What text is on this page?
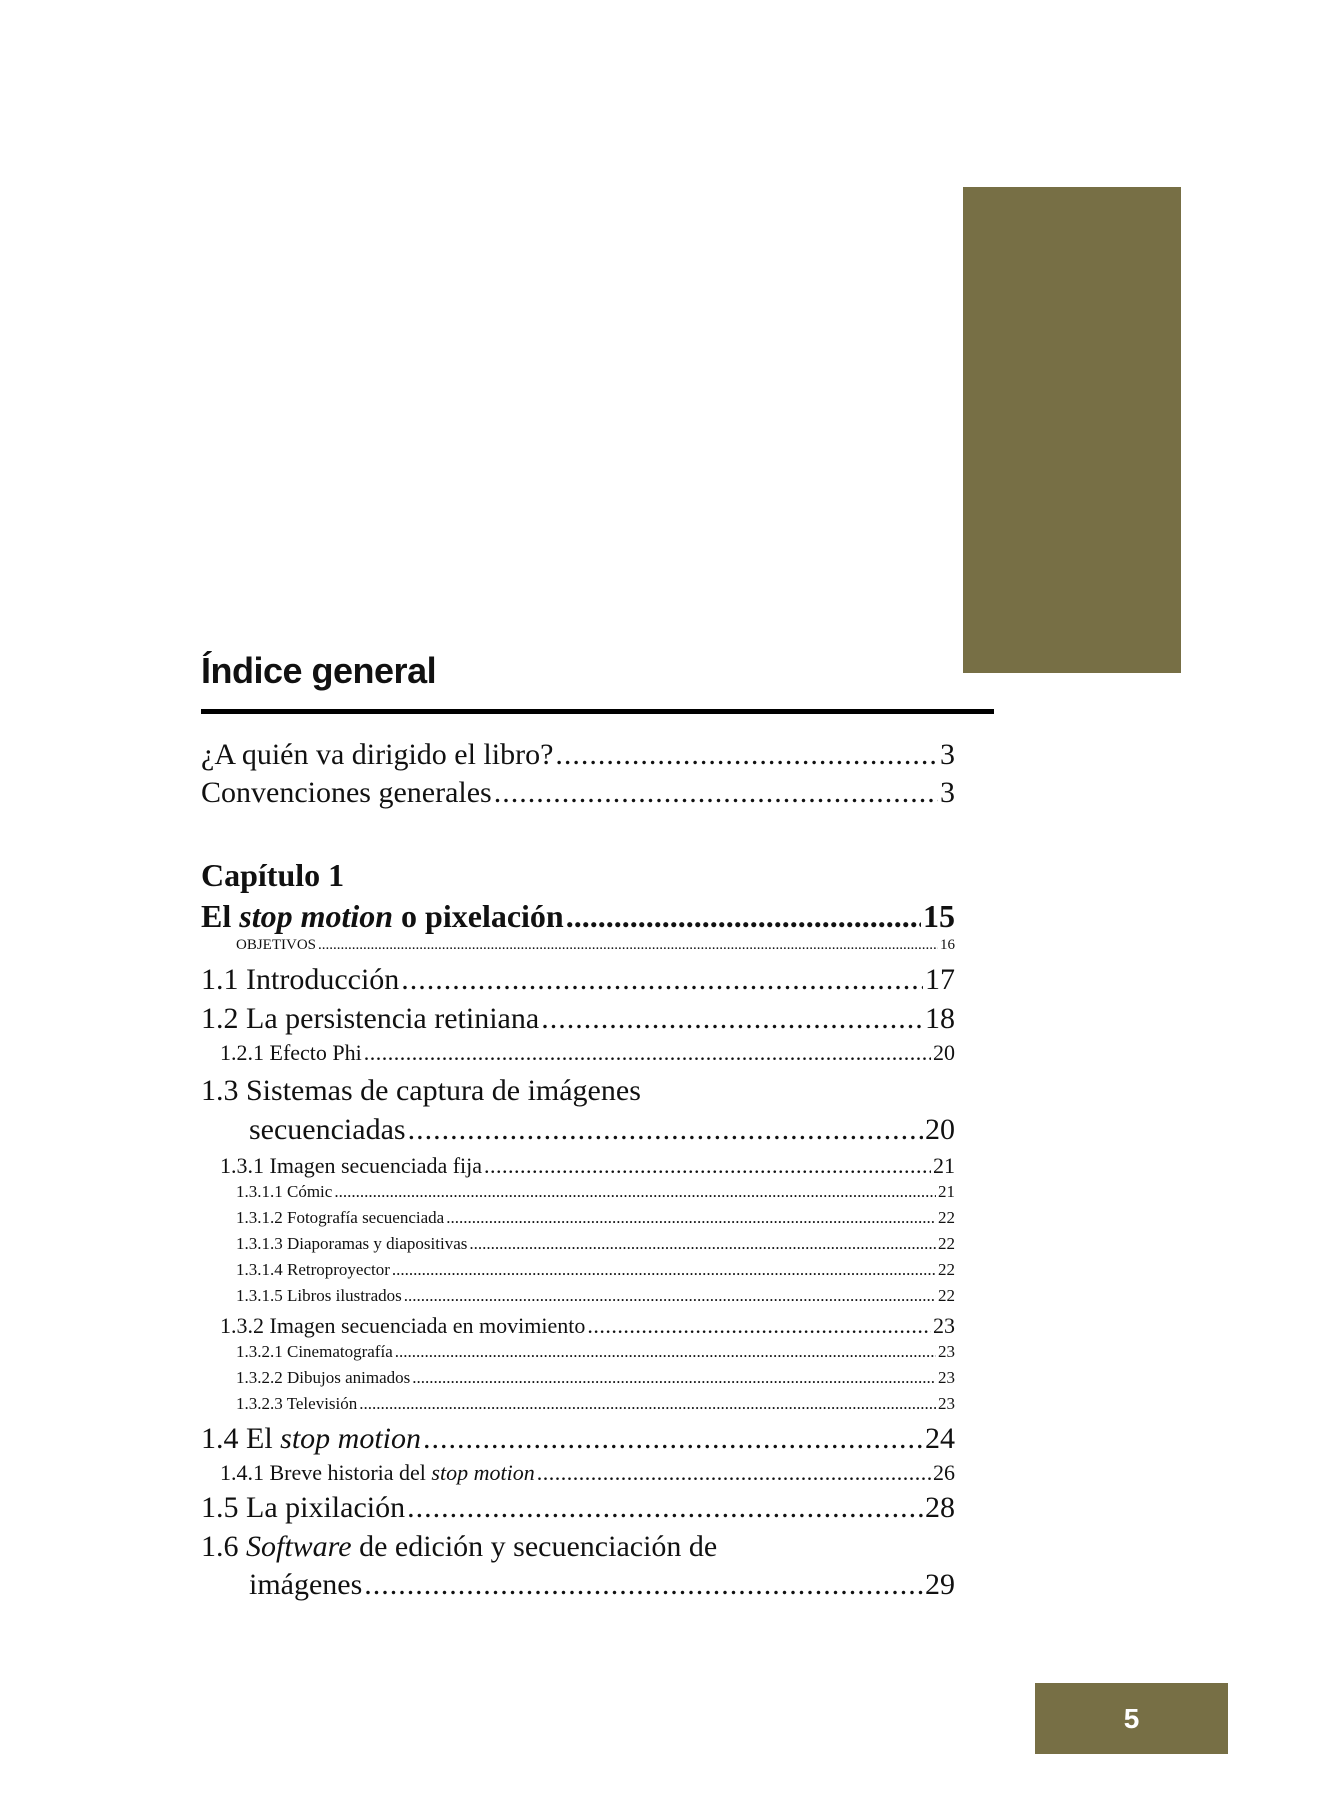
Índice general
¿A quién va dirigido el libro? .....	3
Convenciones generales .....	3
Capítulo 1
El stop motion o pixelación .....	15
OBJETIVOS .....	16
1.1 Introducción .....	17
1.2 La persistencia retiniana .....	18
1.2.1 Efecto Phi .....	20
1.3 Sistemas de captura de imágenes
secuenciadas .....	20
1.3.1 Imagen secuenciada fija .....	21
1.3.1.1 Cómic .....	21
1.3.1.2 Fotografía secuenciada .....	22
1.3.1.3 Diaporamas y diapositivas .....	22
1.3.1.4 Retroproyector .....	22
1.3.1.5 Libros ilustrados .....	22
1.3.2 Imagen secuenciada en movimiento .....	23
1.3.2.1 Cinematografía .....	23
1.3.2.2 Dibujos animados .....	23
1.3.2.3 Televisión .....	23
1.4 El stop motion .....	24
1.4.1 Breve historia del stop motion .....	26
1.5 La pixilación .....	28
1.6 Software de edición y secuenciación de
imágenes .....	29
5
